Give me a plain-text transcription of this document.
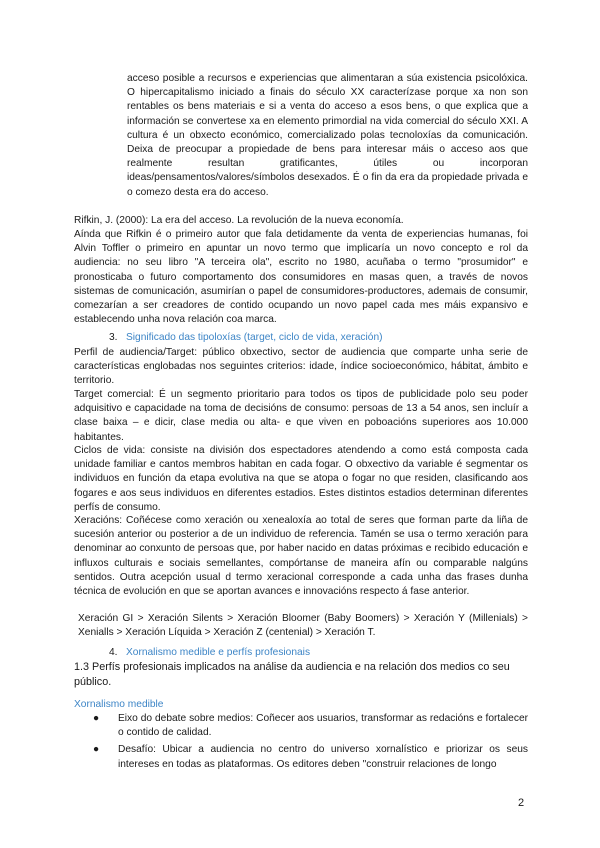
acceso posible a recursos e experiencias que alimentaran a súa existencia psicolóxica. O hipercapitalismo iniciado a finais do século XX caracterízase porque xa non son rentables os bens materiais e si a venta do acceso a esos bens, o que explica que a información se convertese xa en elemento primordial na vida comercial do século XXI. A cultura é un obxecto económico, comercializado polas tecnoloxías da comunicación. Deixa de preocupar a propiedade de bens para interesar máis o acceso aos que realmente resultan gratificantes, útiles ou incorporan ideas/pensamentos/valores/símbolos desexados. É o fin da era da propiedade privada e o comezo desta era do acceso.

Rifkin, J. (2000): La era del acceso. La revolución de la nueva economía.

Aínda que Rifkin é o primeiro autor que fala detidamente da venta de experiencias humanas, foi Alvin Toffler o primeiro en apuntar un novo termo que implicaría un novo concepto e rol da audiencia: no seu libro "A terceira ola", escrito no 1980, acuñaba o termo "prosumidor" e pronosticaba o futuro comportamento dos consumidores en masas quen, a través de novos sistemas de comunicación, asumirían o papel de consumidores-productores, ademais de consumir, comezarían a ser creadores de contido ocupando un novo papel cada mes máis expansivo e establecendo unha nova relación coa marca.

3. Significado das tipoloxías (target, ciclo de vida, xeración)

Perfil de audiencia/Target: público obxectivo, sector de audiencia que comparte unha serie de características englobadas nos seguintes criterios: idade, índice socioeconómico, hábitat, ámbito e territorio.

Target comercial: É un segmento prioritario para todos os tipos de publicidade polo seu poder adquisitivo e capacidade na toma de decisións de consumo: persoas de 13 a 54 anos, sen incluír a clase baixa – e dicir, clase media ou alta- e que viven en poboacións superiores aos 10.000 habitantes.

Ciclos de vida: consiste na división dos espectadores atendendo a como está composta cada unidade familiar e cantos membros habitan en cada fogar. O obxectivo da variable é segmentar os individuos en función da etapa evolutiva na que se atopa o fogar no que residen, clasificando aos fogares e aos seus individuos en diferentes estadios. Estes distintos estadios determinan diferentes perfís de consumo.

Xeracións: Coñécese como xeración ou xenealoxía ao total de seres que forman parte da liña de sucesión anterior ou posterior a de un individuo de referencia. Tamén se usa o termo xeración para denominar ao conxunto de persoas que, por haber nacido en datas próximas e recibido educación e influxos culturais e sociais semellantes, compórtanse de maneira afín ou comparable nalgúns sentidos. Outra acepción usual d termo xeracional corresponde a cada unha das frases dunha técnica de evolución en que se aportan avances e innovacións respecto á fase anterior.

Xeración GI > Xeración Silents > Xeración Bloomer (Baby Boomers) > Xeración Y (Millenials) > Xenialls > Xeración Líquida > Xeración Z (centenial) > Xeración T.

4. Xornalismo medible e perfís profesionais
1.3 Perfís profesionais implicados na análise da audiencia e na relación dos medios co seu público.
Xornalismo medible
● Eixo do debate sobre medios: Coñecer aos usuarios, transformar as redacións e fortalecer o contido de calidad.
● Desafío: Ubicar a audiencia no centro do universo xornalístico e priorizar os seus intereses en todas as plataformas. Os editores deben "construir relaciones de longo
2
